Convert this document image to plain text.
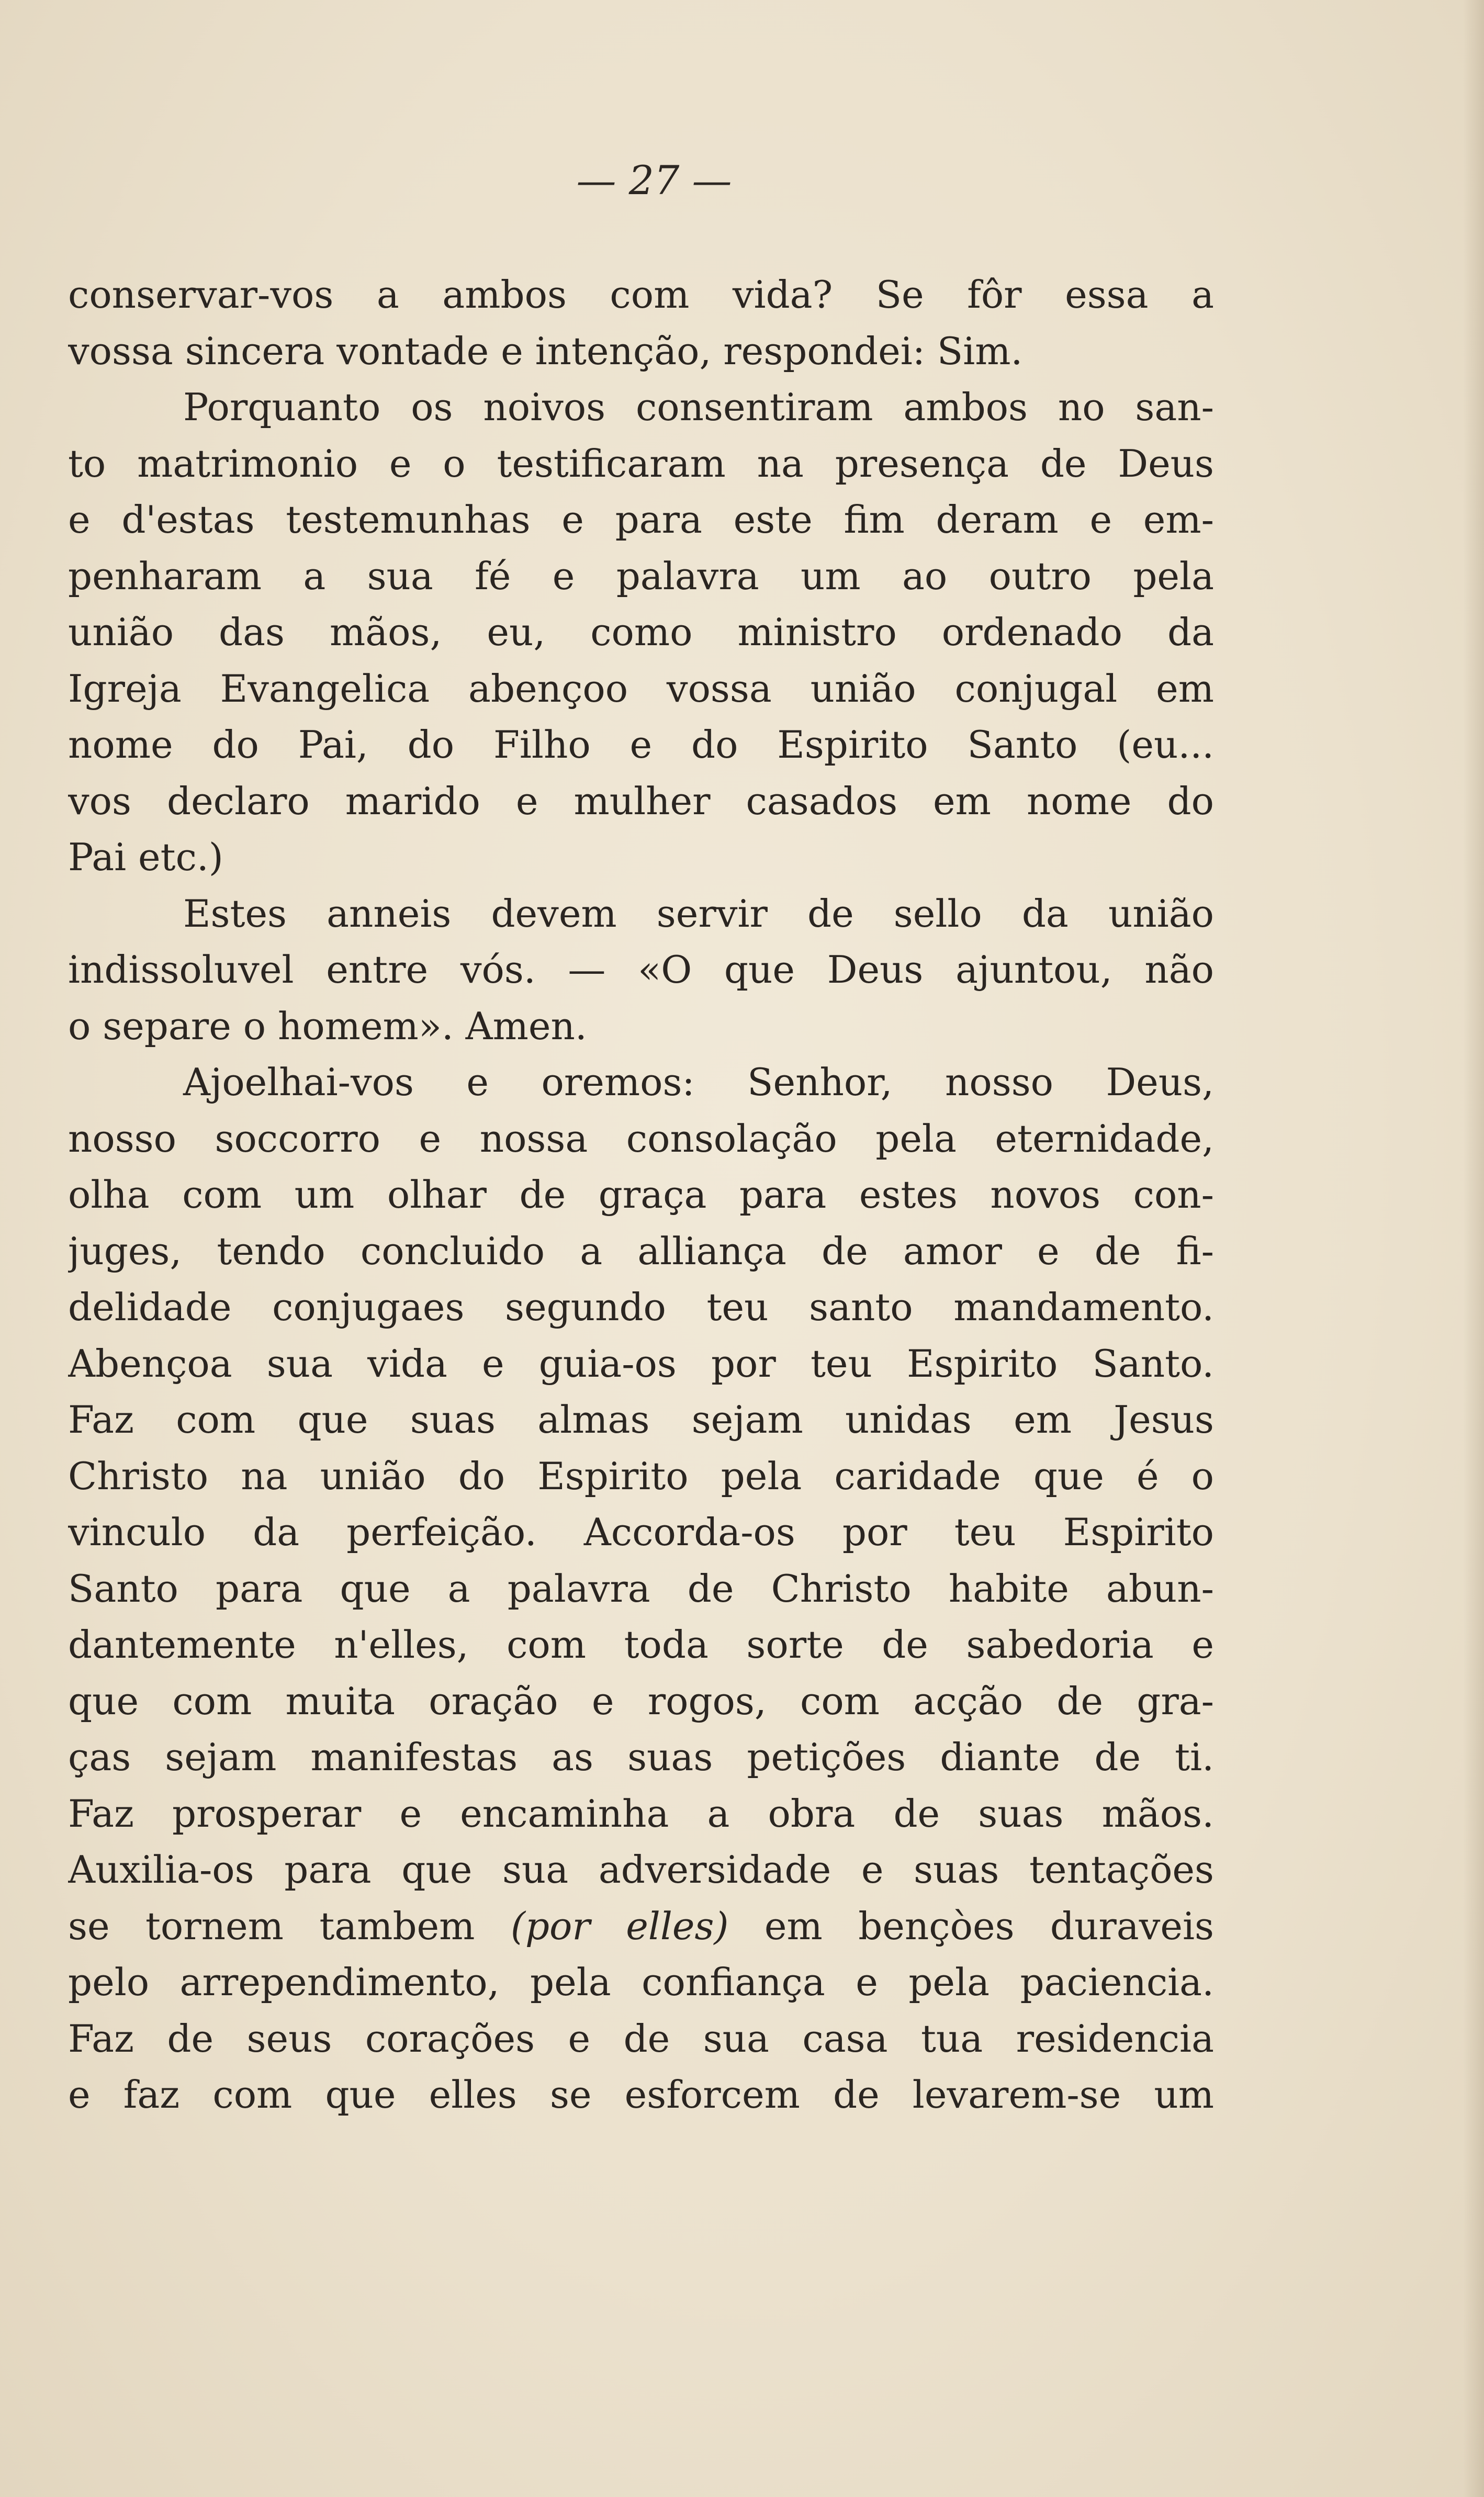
— 27 —
conservar-vos a ambos com vida? Se fôr essa a
vossa sincera vontade e intenção, respondei: Sim.
Porquanto os noivos consentiram ambos no san-
to matrimonio e o testificaram na presença de Deus
e d'estas testemunhas e para este fim deram e em-
penharam a sua fé e palavra um ao outro pela
união das mãos, eu, como ministro ordenado da
Igreja Evangelica abençoo vossa união conjugal em
nome do Pai, do Filho e do Espirito Santo (eu...
vos declaro marido e mulher casados em nome do
Pai etc.)
Estes anneis devem servir de sello da união
indissoluvel entre vós. — «O que Deus ajuntou, não
o separe o homem». Amen.
Ajoelhai-vos e oremos: Senhor, nosso Deus,
nosso soccorro e nossa consolação pela eternidade,
olha com um olhar de graça para estes novos con-
juges, tendo concluido a alliança de amor e de fi-
delidade conjugaes segundo teu santo mandamento.
Abençoa sua vida e guia-os por teu Espirito Santo.
Faz com que suas almas sejam unidas em Jesus
Christo na união do Espirito pela caridade que é o
vinculo da perfeição. Accorda-os por teu Espirito
Santo para que a palavra de Christo habite abun-
dantemente n'elles, com toda sorte de sabedoria e
que com muita oração e rogos, com acção de gra-
ças sejam manifestas as suas petições diante de ti.
Faz prosperar e encaminha a obra de suas mãos.
Auxilia-os para que sua adversidade e suas tentações
se tornem tambem (por elles) em bençòes duraveis
pelo arrependimento, pela confiança e pela paciencia.
Faz de seus corações e de sua casa tua residencia
e faz com que elles se esforcem de levarem-se um
